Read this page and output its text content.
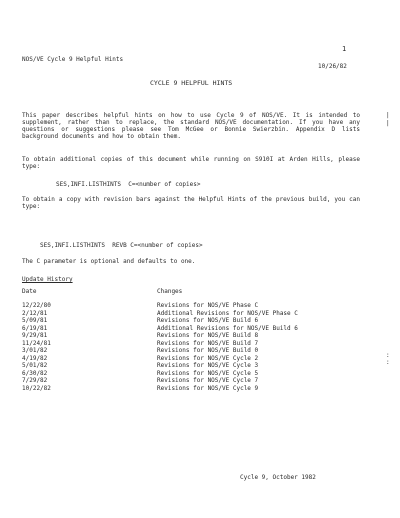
1
NOS/VE Cycle 9 Helpful Hints
10/26/82
CYCLE 9 HELPFUL HINTS
This paper describes helpful hints on how to use Cycle 9 of NOS/VE. It is intended to supplement, rather than to replace, the standard NOS/VE documentation. If you have any questions or suggestions please see Tom McGee or Bonnie Swierzbin. Appendix D lists background documents and how to obtain them.
|
|
To obtain additional copies of this document while running on S910I at Arden Hills, please type:
SES,INFI.LISTHINTS  C=<number of copies>
To obtain a copy with revision bars against the Helpful Hints of the previous build, you can type:
SES,INFI.LISTHINTS  REVB C=<number of copies>
The C parameter is optional and defaults to one.
Update History
Date	Changes
12/22/80	Revisions for NOS/VE Phase C
2/12/81	Additional Revisions for NOS/VE Phase C
5/09/81	Revisions for NOS/VE Build 6
6/19/81	Additional Revisions for NOS/VE Build 6
9/29/81	Revisions for NOS/VE Build 8
11/24/81	Revisions for NOS/VE Build 7
3/01/82	Revisions for NOS/VE Build 0
4/19/82	Revisions for NOS/VE Cycle 2
5/01/82	Revisions for NOS/VE Cycle 3
6/30/82	Revisions for NOS/VE Cycle 5
7/29/82	Revisions for NOS/VE Cycle 7
10/22/82	Revisions for NOS/VE Cycle 9
:
:
Cycle 9, October 1982
